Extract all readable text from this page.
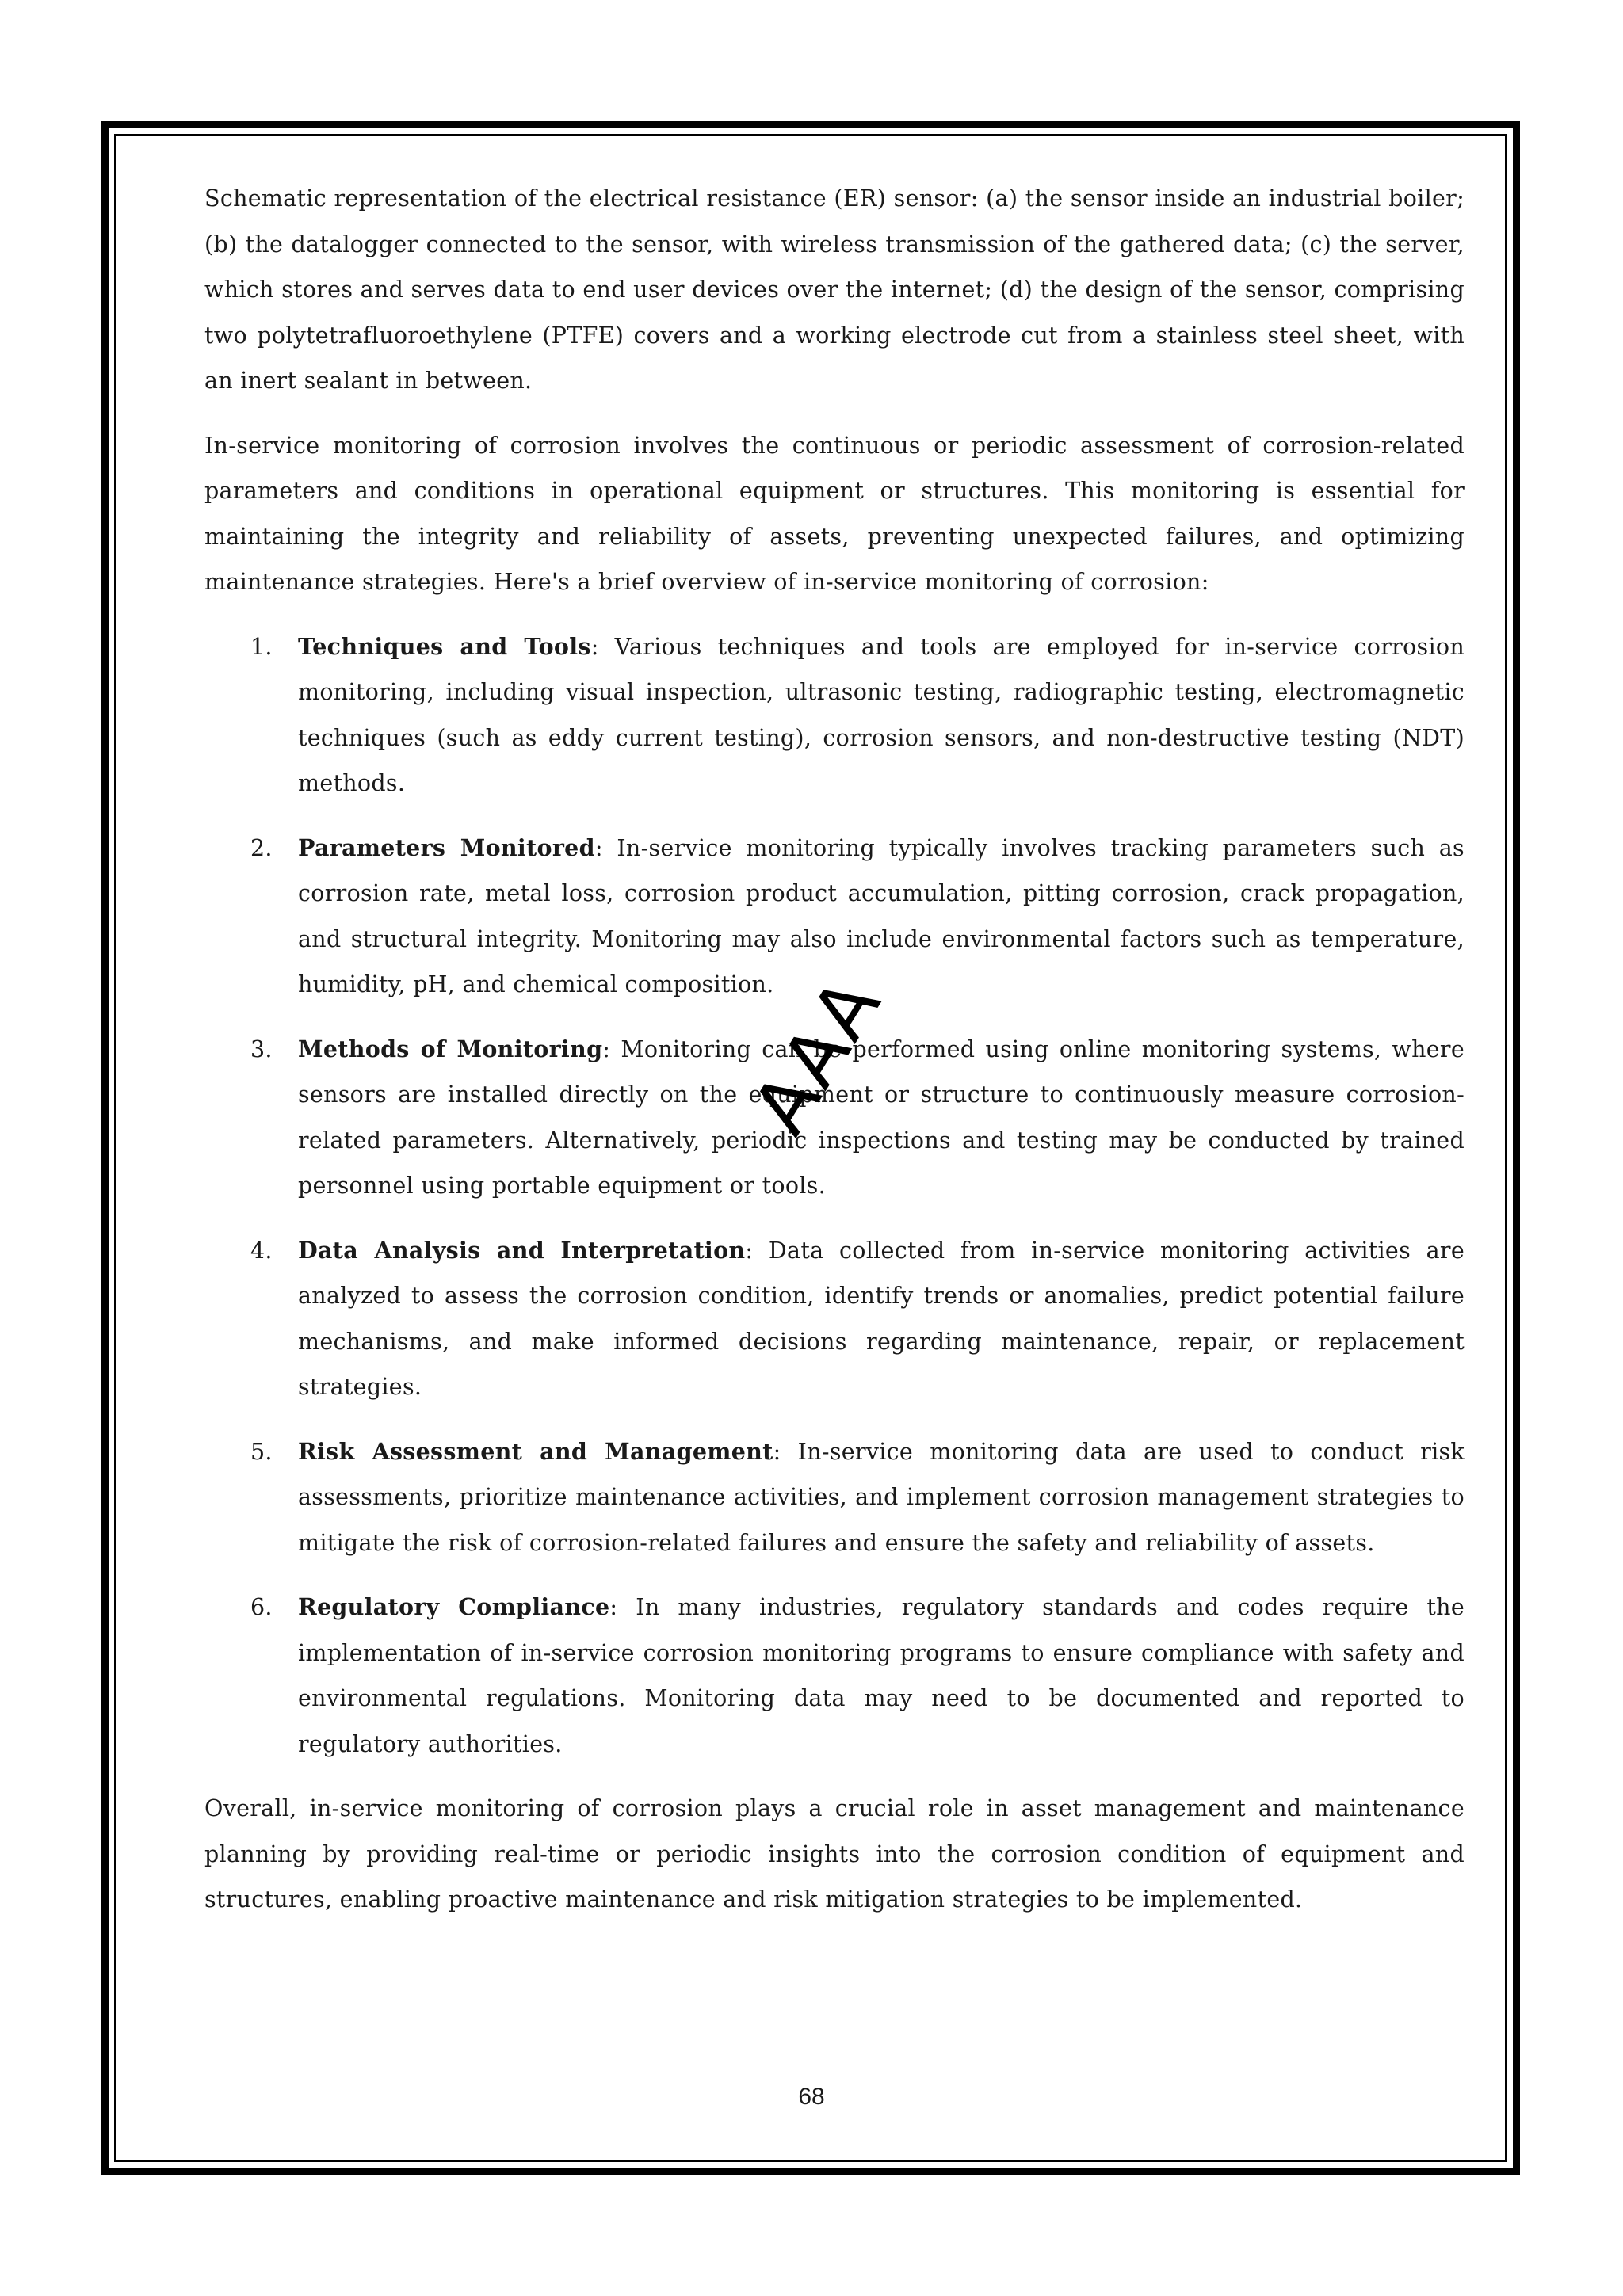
Schematic representation of the electrical resistance (ER) sensor: (a) the sensor inside an industrial boiler; (b) the datalogger connected to the sensor, with wireless transmission of the gathered data; (c) the server, which stores and serves data to end user devices over the internet; (d) the design of the sensor, comprising two polytetrafluoroethylene (PTFE) covers and a working electrode cut from a stainless steel sheet, with an inert sealant in between.

In-service monitoring of corrosion involves the continuous or periodic assessment of corrosion-related parameters and conditions in operational equipment or structures. This monitoring is essential for maintaining the integrity and reliability of assets, preventing unexpected failures, and optimizing maintenance strategies. Here's a brief overview of in-service monitoring of corrosion:

1. Techniques and Tools: Various techniques and tools are employed for in-service corrosion monitoring, including visual inspection, ultrasonic testing, radiographic testing, electromagnetic techniques (such as eddy current testing), corrosion sensors, and non-destructive testing (NDT) methods.
2. Parameters Monitored: In-service monitoring typically involves tracking parameters such as corrosion rate, metal loss, corrosion product accumulation, pitting corrosion, crack propagation, and structural integrity. Monitoring may also include environmental factors such as temperature, humidity, pH, and chemical composition.
3. Methods of Monitoring: Monitoring can be performed using online monitoring systems, where sensors are installed directly on the equipment or structure to continuously measure corrosion-related parameters. Alternatively, periodic inspections and testing may be conducted by trained personnel using portable equipment or tools.
4. Data Analysis and Interpretation: Data collected from in-service monitoring activities are analyzed to assess the corrosion condition, identify trends or anomalies, predict potential failure mechanisms, and make informed decisions regarding maintenance, repair, or replacement strategies.
5. Risk Assessment and Management: In-service monitoring data are used to conduct risk assessments, prioritize maintenance activities, and implement corrosion management strategies to mitigate the risk of corrosion-related failures and ensure the safety and reliability of assets.
6. Regulatory Compliance: In many industries, regulatory standards and codes require the implementation of in-service corrosion monitoring programs to ensure compliance with safety and environmental regulations. Monitoring data may need to be documented and reported to regulatory authorities.

Overall, in-service monitoring of corrosion plays a crucial role in asset management and maintenance planning by providing real-time or periodic insights into the corrosion condition of equipment and structures, enabling proactive maintenance and risk mitigation strategies to be implemented.

AAA
68
